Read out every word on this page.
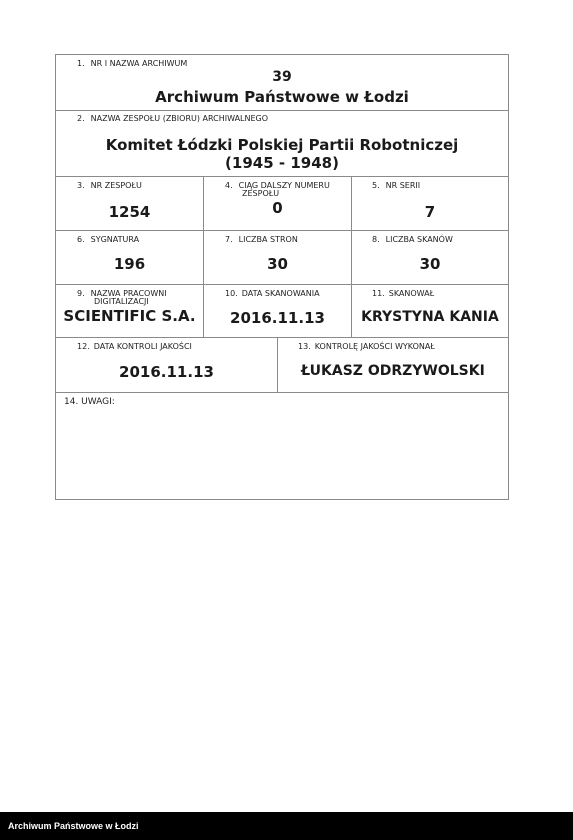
1. NR I NAZWA ARCHIWUM
39
Archiwum Państwowe w Łodzi
2. NAZWA ZESPOŁU (ZBIORU) ARCHIWALNEGO
Komitet Łódzki Polskiej Partii Robotniczej
(1945 - 1948)
3. NR ZESPOŁU
1254
4. CIĄG DALSZY NUMERU
ZESPOŁU
0
5. NR SERII
7
6. SYGNATURA
196
7. LICZBA STRON
30
8. LICZBA SKANÓW
30
9. NAZWA PRACOWNI
DIGITALIZACJI
SCIENTIFIC S.A.
10. DATA SKANOWANIA
2016.11.13
11. SKANOWAŁ
KRYSTYNA KANIA
12. DATA KONTROLI JAKOŚCI
2016.11.13
13. KONTROLĘ JAKOŚCI WYKONAŁ
ŁUKASZ ODRZYWOLSKI
14. UWAGI:
Archiwum Państwowe w Łodzi
